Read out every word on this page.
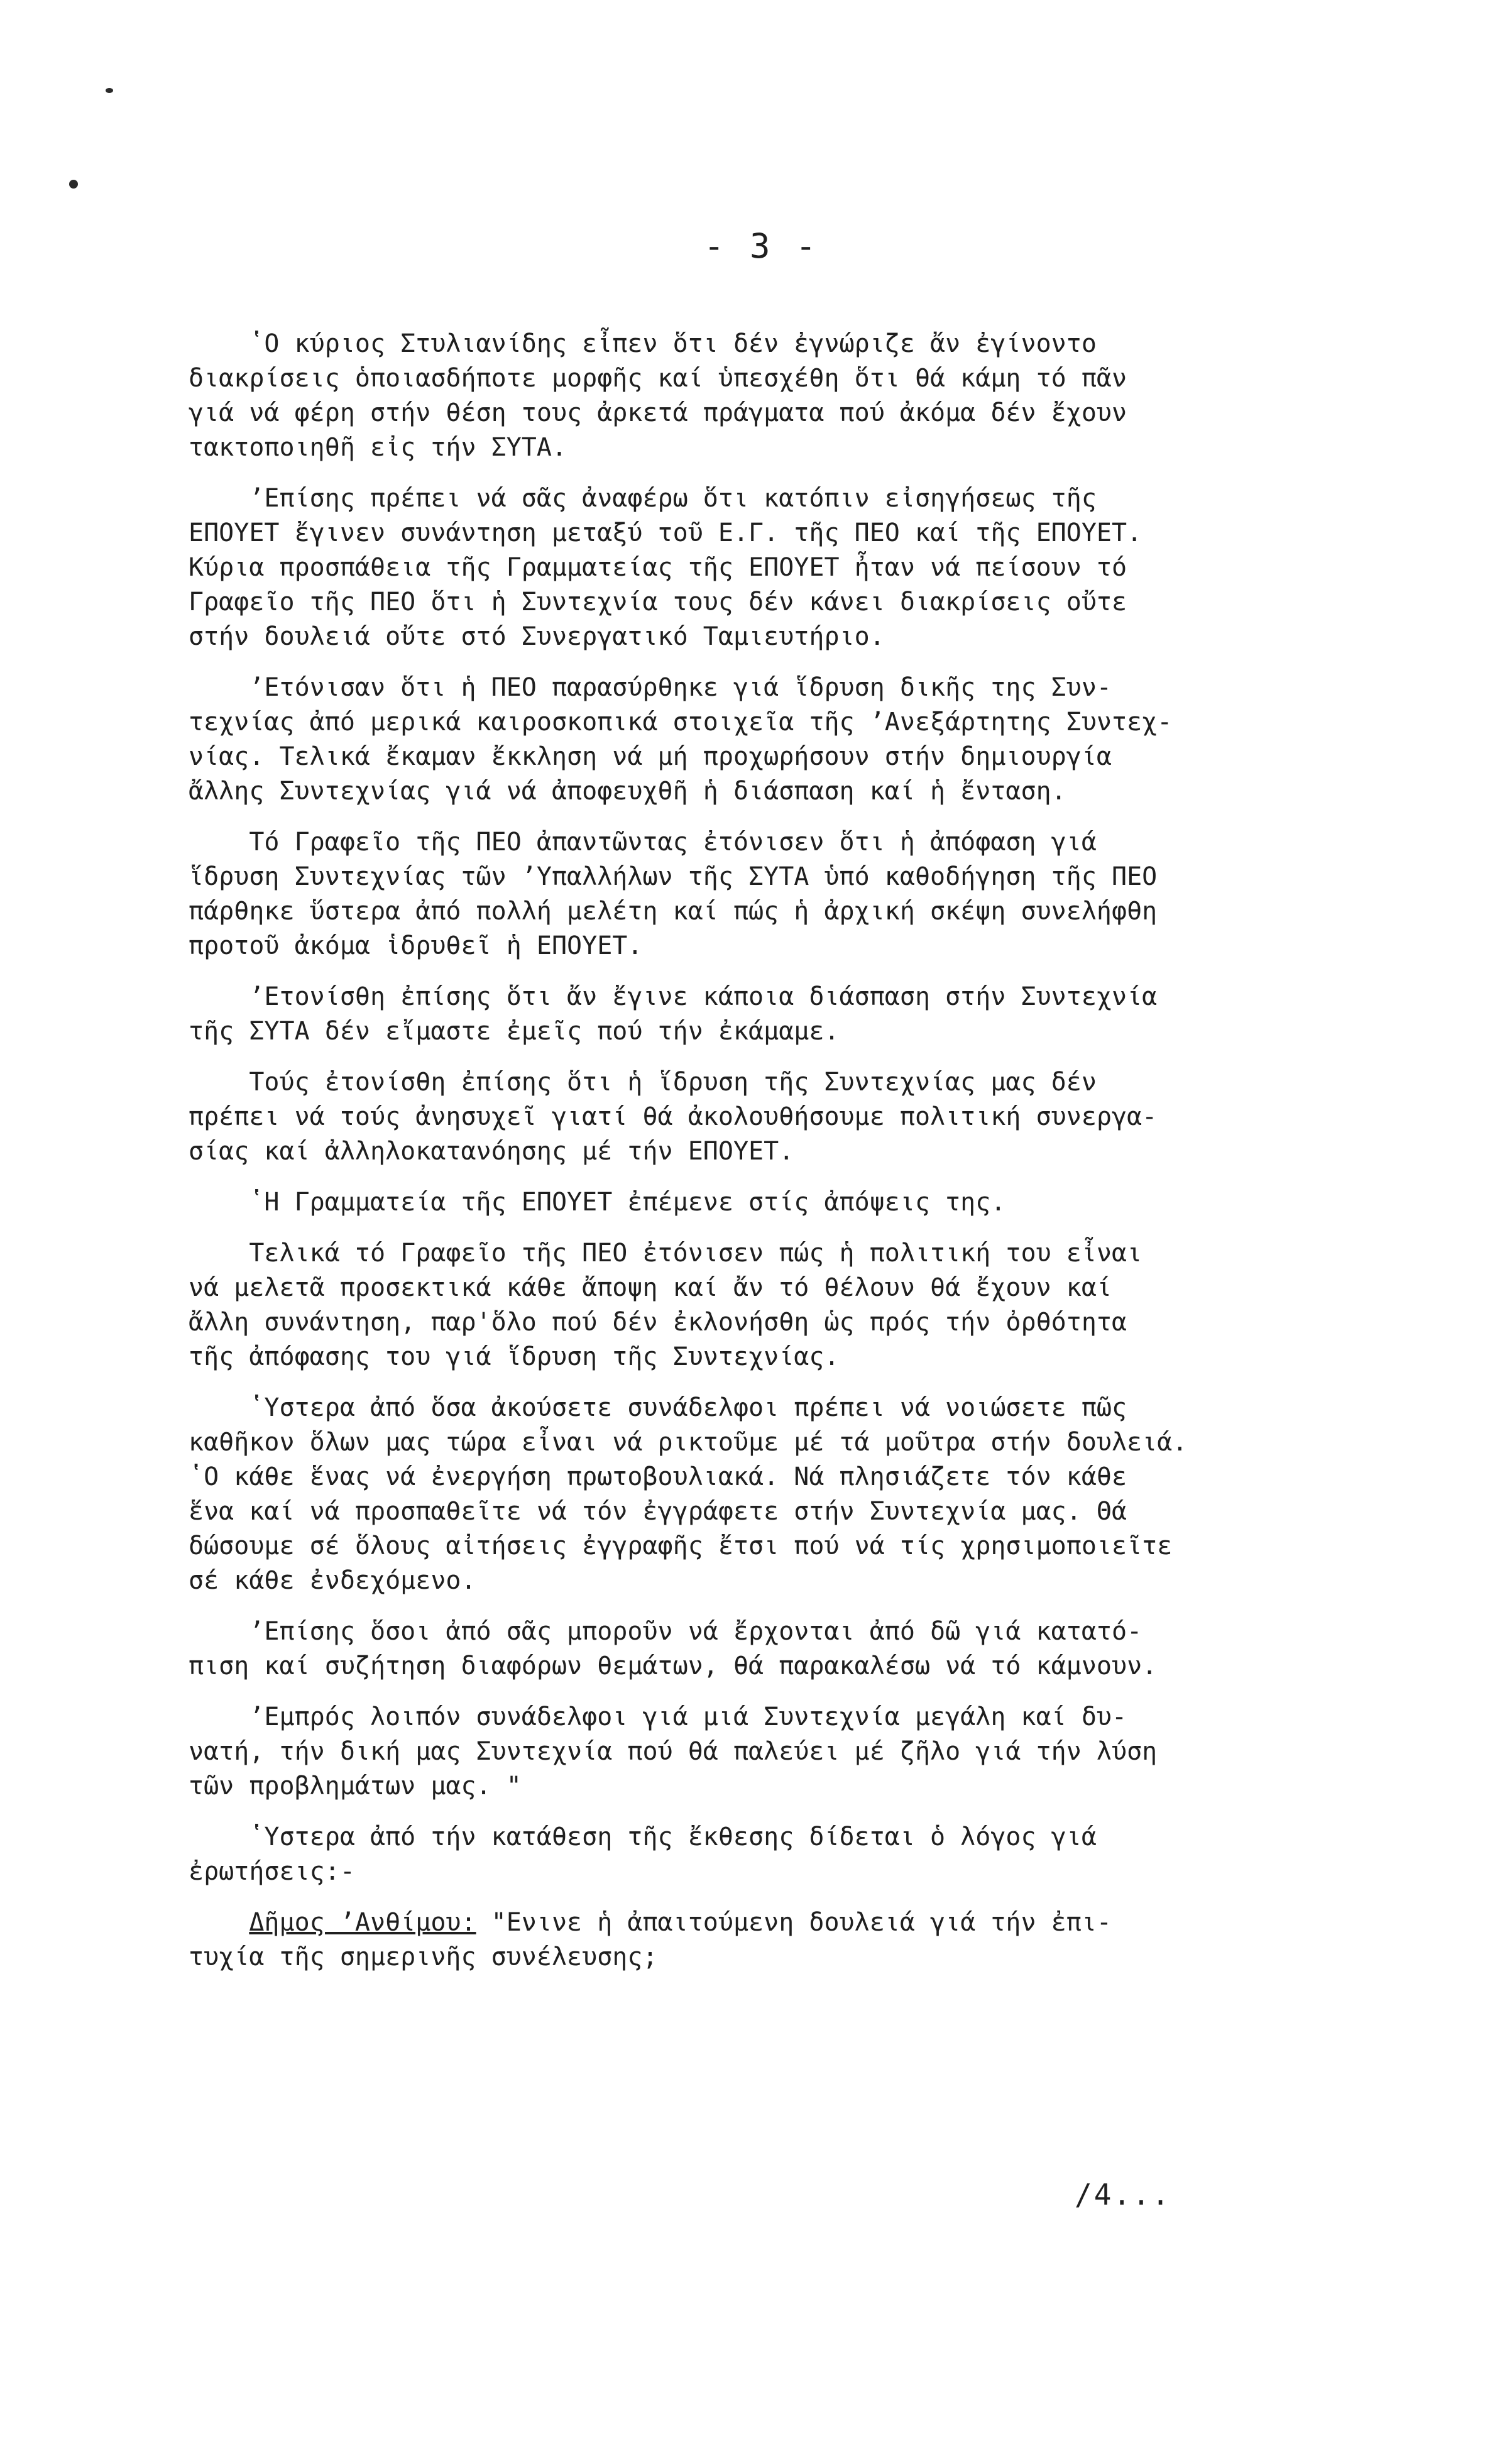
- 3 -

ʽΟ κύριος Στυλιανίδης εἶπεν ὅτι δέν ἐγνώριζε ἄν ἐγίνοντο
διακρίσεις ὁποιασδήποτε μορφῆς καί ὑπεσχέθη ὅτι θά κάμη τό πᾶν
γιά νά φέρη στήν θέση τους ἀρκετά πράγματα πού ἀκόμα δέν ἔχουν
τακτοποιηθῆ εἰς τήν ΣΥΤΑ.

ʼΕπίσης πρέπει νά σᾶς ἀναφέρω ὅτι κατόπιν εἰσηγήσεως τῆς
ΕΠΟΥΕΤ ἔγινεν συνάντηση μεταξύ τοῦ Ε.Γ. τῆς ΠΕΟ καί τῆς ΕΠΟΥΕΤ.
Κύρια προσπάθεια τῆς Γραμματείας τῆς ΕΠΟΥΕΤ ἦταν νά πείσουν τό
Γραφεῖο τῆς ΠΕΟ ὅτι ἡ Συντεχνία τους δέν κάνει διακρίσεις οὔτε
στήν δουλειά οὔτε στό Συνεργατικό Ταμιευτήριο.

ʼΕτόνισαν ὅτι ἡ ΠΕΟ παρασύρθηκε γιά ἵδρυση δικῆς της Συν-
τεχνίας ἀπό μερικά καιροσκοπικά στοιχεῖα τῆς ʼΑνεξάρτητης Συντεχ-
νίας. Τελικά ἔκαμαν ἔκκληση νά μή προχωρήσουν στήν δημιουργία
ἄλλης Συντεχνίας γιά νά ἀποφευχθῆ ἡ διάσπαση καί ἡ ἔνταση.

Τό Γραφεῖο τῆς ΠΕΟ ἀπαντῶντας ἐτόνισεν ὅτι ἡ ἀπόφαση γιά
ἵδρυση Συντεχνίας τῶν ʼΥπαλλήλων τῆς ΣΥΤΑ ὑπό καθοδήγηση τῆς ΠΕΟ
πάρθηκε ὕστερα ἀπό πολλή μελέτη καί πώς ἡ ἀρχική σκέψη συνελήφθη
προτοῦ ἀκόμα ἱδρυθεῖ ἡ ΕΠΟΥΕΤ.

ʼΕτονίσθη ἐπίσης ὅτι ἄν ἔγινε κάποια διάσπαση στήν Συντεχνία
τῆς ΣΥΤΑ δέν εἴμαστε ἐμεῖς πού τήν ἐκάμαμε.

Τούς ἐτονίσθη ἐπίσης ὅτι ἡ ἵδρυση τῆς Συντεχνίας μας δέν
πρέπει νά τούς ἀνησυχεῖ γιατί θά ἀκολουθήσουμε πολιτική συνεργα-
σίας καί ἀλληλοκατανόησης μέ τήν ΕΠΟΥΕΤ.

ʽΗ Γραμματεία τῆς ΕΠΟΥΕΤ ἐπέμενε στίς ἀπόψεις της.

Τελικά τό Γραφεῖο τῆς ΠΕΟ ἐτόνισεν πώς ἡ πολιτική του εἶναι
νά μελετᾶ προσεκτικά κάθε ἄποψη καί ἄν τό θέλουν θά ἔχουν καί
ἄλλη συνάντηση, παρ'ὅλο πού δέν ἐκλονήσθη ὡς πρός τήν ὀρθότητα
τῆς ἀπόφασης του γιά ἵδρυση τῆς Συντεχνίας.

ʽΥστερα ἀπό ὅσα ἀκούσετε συνάδελφοι πρέπει νά νοιώσετε πῶς
καθῆκον ὅλων μας τώρα εἶναι νά ρικτοῦμε μέ τά μοῦτρα στήν δουλειά.
ʽΟ κάθε ἕνας νά ἐνεργήση πρωτοβουλιακά. Νά πλησιάζετε τόν κάθε
ἕνα καί νά προσπαθεῖτε νά τόν ἐγγράφετε στήν Συντεχνία μας. Θά
δώσουμε σέ ὅλους αἰτήσεις ἐγγραφῆς ἔτσι πού νά τίς χρησιμοποιεῖτε
σέ κάθε ἐνδεχόμενο.

ʼΕπίσης ὅσοι ἀπό σᾶς μποροῦν νά ἔρχονται ἀπό δῶ γιά κατατό-
πιση καί συζήτηση διαφόρων θεμάτων, θά παρακαλέσω νά τό κάμνουν.

ʼΕμπρός λοιπόν συνάδελφοι γιά μιά Συντεχνία μεγάλη καί δυ-
νατή, τήν δική μας Συντεχνία πού θά παλεύει μέ ζῆλο γιά τήν λύση
τῶν προβλημάτων μας. "

ʽΥστερα ἀπό τήν κατάθεση τῆς ἔκθεσης δίδεται ὁ λόγος γιά
ἐρωτήσεις:-

Δῆμος ʼΑνθίμου: "Ενινε ἡ ἀπαιτούμενη δουλειά γιά τήν ἐπι-
τυχία τῆς σημερινῆς συνέλευσης;

/4...
